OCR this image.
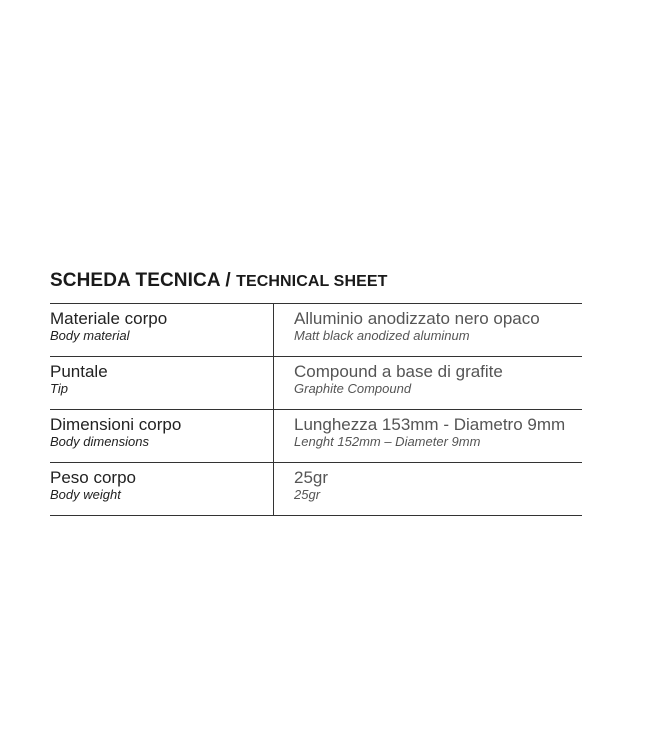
SCHEDA TECNICA / TECHNICAL SHEET
Materiale corpo
Body material
Alluminio anodizzato nero opaco
Matt black anodized aluminum
Puntale
Tip
Compound a base di grafite
Graphite Compound
Dimensioni corpo
Body dimensions
Lunghezza 153mm - Diametro 9mm
Lenght 152mm – Diameter 9mm
Peso corpo
Body weight
25gr
25gr
